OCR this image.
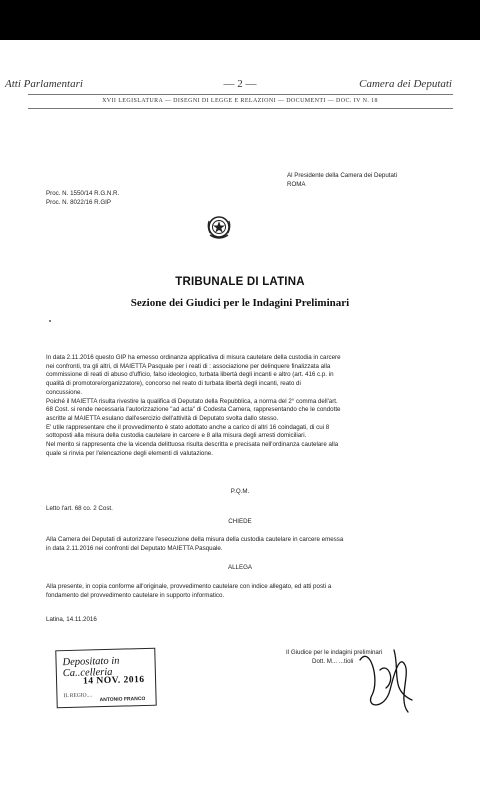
Atti Parlamentari	— 2 —	Camera dei Deputati
XVII LEGISLATURA — DISEGNI DI LEGGE E RELAZIONI — DOCUMENTI — DOC. IV N. 18
Al Presidente della Camera dei Deputati
ROMA
Proc. N. 1550/14 R.G.N.R.
Proc. N. 8022/16 R.GIP
TRIBUNALE DI LATINA
Sezione dei Giudici per le Indagini Preliminari
In data 2.11.2016 questo GIP ha emesso ordinanza applicativa di misura cautelare della custodia in carcere
nei confronti, tra gli altri, di MAIETTA Pasquale per i reati di : associazione per delinquere finalizzata alla
commissione di reati di abuso d'ufficio, falso ideologico, turbata libertà degli incanti e altro (art. 416 c.p. in
qualità di promotore/organizzatore), concorso nel reato di turbata libertà degli incanti, reato di
concussione.
Poiché il MAIETTA risulta rivestire la qualifica di Deputato della Repubblica, a norma del 2° comma dell'art.
68 Cost. si rende necessaria l'autorizzazione "ad acta" di Codesta Camera, rappresentando che le condotte
ascritte al MAIETTA esulano dall'esercizio dell'attività di Deputato svolta dallo stesso.
E' utile rappresentare che il provvedimento è stato adottato anche a carico di altri 16 coindagati, di cui 8
sottoposti alla misura della custodia cautelare in carcere e 8 alla misura degli arresti domiciliari.
Nel merito si rappresenta che la vicenda delittuosa risulta descritta e precisata nell'ordinanza cautelare alla
quale si rinvia per l'elencazione degli elementi di valutazione.
P.Q.M.
Letto l'art. 68 co. 2 Cost.
CHIEDE
Alla Camera dei Deputati di autorizzare l'esecuzione della misura della custodia cautelare in carcere emessa
in data 2.11.2016 nei confronti del Deputato MAIETTA Pasquale.
ALLEGA
Alla presente, in copia conforme all'originale, provvedimento cautelare con indice allegato, ed atti posti a
fondamento del provvedimento cautelare in supporto informatico.
Latina, 14.11.2016
Depositato in Ca..celleria
14 NOV. 2016
IL REGIO....
ANTONIO FRANCO
Il Giudice per le indagini preliminari
Dott. M... ...tioli
